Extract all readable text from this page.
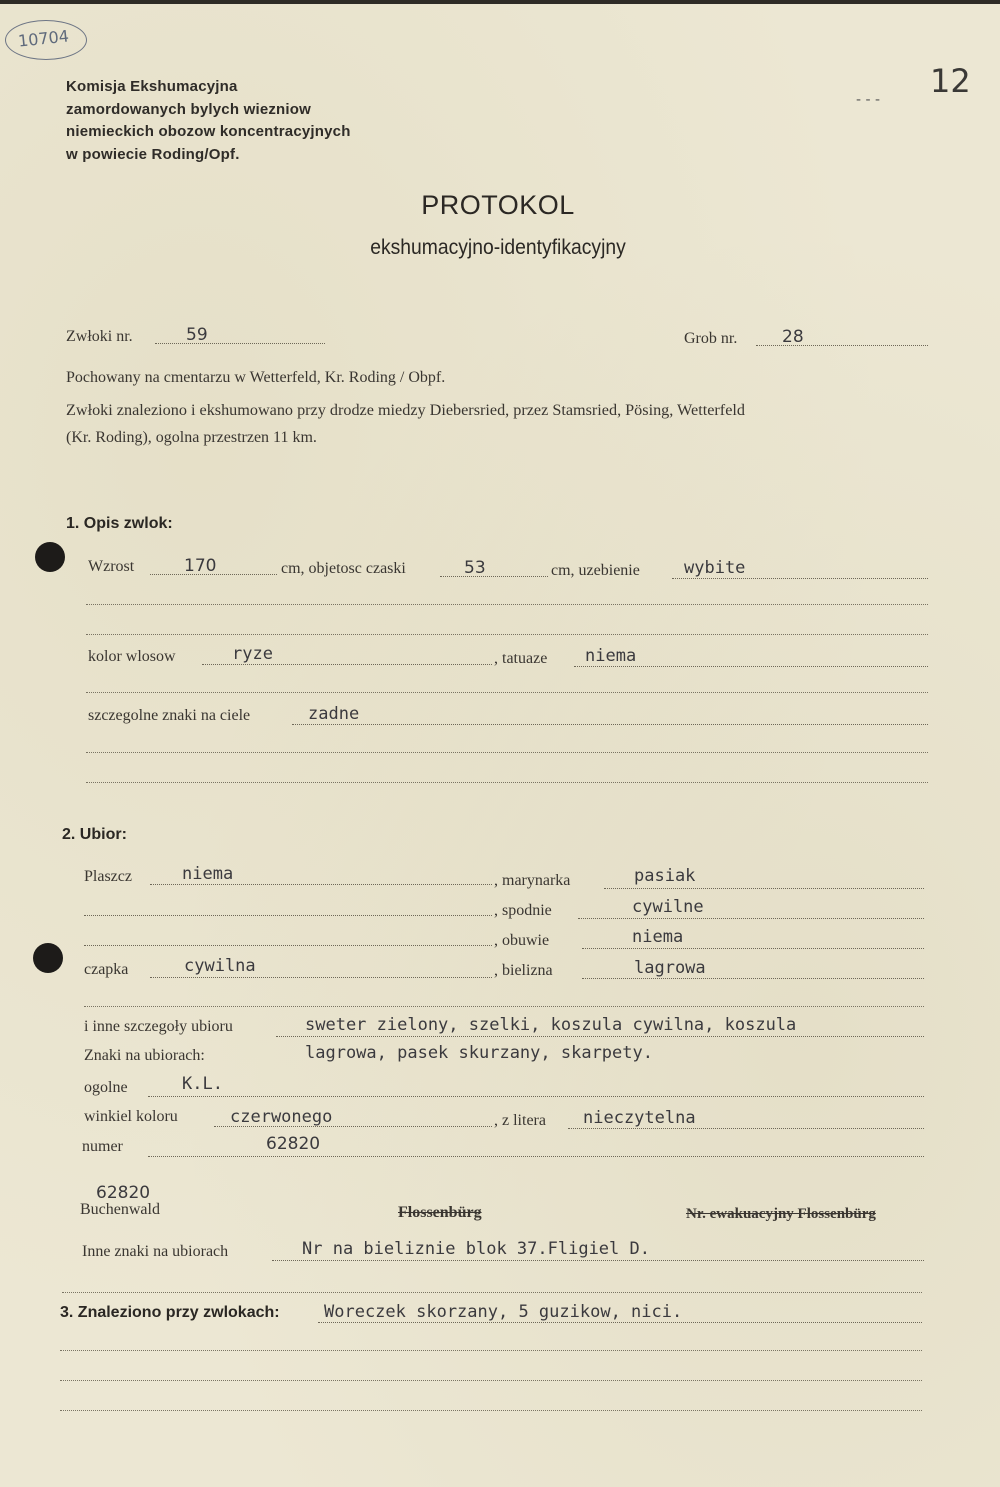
10704
12
- - -
Komisja Ekshumacyjna
zamordowanych bylych wiezniow
niemieckich obozow koncentracyjnych
w powiecie Roding/Opf.
PROTOKOL
ekshumacyjno-identyfikacyjny
Zwłoki nr.	59	Grob nr.	28
Pochowany na cmentarzu w Wetterfeld, Kr. Roding / Obpf.
Zwłoki znaleziono i ekshumowano przy drodze miedzy Diebersried, przez Stamsried, Pösing, Wetterfeld
(Kr. Roding), ogolna przestrzen 11 km.
1. Opis zwlok:
Wzrost	170	cm, objetosc czaski	53	cm, uzebienie	wybite
kolor wlosow	ryze	, tatuaze niema
szczegolne znaki na ciele	zadne
2. Ubior:
Plaszcz	niema	, marynarka	pasiak
, spodnie	cywilne
, obuwie	niema
czapka	cywilna	, bielizna	lagrowa
i inne szczegoły ubioru	sweter zielony, szelki, koszula cywilna, koszula
Znaki na ubiorach:	lagrowa, pasek skurzany, skarpety.
ogolne	K.L.
winkiel koloru	czerwonego	, z litera nieczytelna
numer	62820
62820
Buchenwald	Flossenbürg	Nr. ewakuacyjny Flossenbürg
Inne znaki na ubiorach	Nr na bieliznie blok 37.Fligiel D.
3. Znaleziono przy zwlokach:	Woreczek skorzany, 5 guzikow, nici.
